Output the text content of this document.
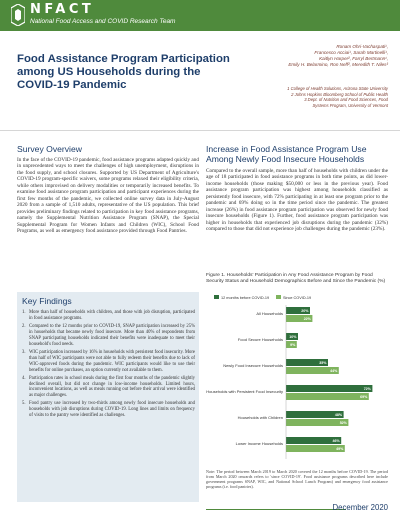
NFACT
National Food Access and COVID Research Team
Food Assistance Program Participation among US Households during the COVID-19 Pandemic
Ronam Ohri-Vachaspati¹,
Francesco Acciai¹, Sarah Martinelli¹,
Kaitlyn Harper², Farryl Bertmann¹,
Emily H. Belarmino, Ron Neff², Meredith T. Niles³
1 College of Health Solutions, Arizona State University
2 Johns Hopkins Bloomberg School of Public Health
3 Dept. of Nutrition and Food Sciences, Food
Systems Program, University of Vermont
Survey Overview
In the face of the COVID-19 pandemic, food assistance programs adapted quickly and in unprecedented ways to meet the challenges of high unemployment, disruptions in the food supply, and school closures. Supported by US Department of Agriculture's COVID-19 program-specific waivers, some programs relaxed their eligibility criteria, while others improvised on delivery modalities or temporarily increased benefits. To examine food assistance program participation and participant experiences during the first few months of the pandemic, we collected online survey data in July-August 2020 from a sample of 1,510 adults, representative of the US population. This brief provides preliminary findings related to participation in key food assistance programs, namely the Supplemental Nutrition Assistance Program (SNAP), the Special Supplemental Program for Women Infants and Children (WIC), School Food Programs, as well as emergency food assistance provided through Food Pantries.
Increase in Food Assistance Program Use Among Newly Food Insecure Households
Compared to the overall sample, more than half of households with children under the age of 18 participated in food assistance programs in both time points, as did lower-income households (those making $50,000 or less in the previous year). Food assistance program participation was highest among households classified as persistently food insecure, with 72% participating in at least one program prior to the pandemic and 69% doing so in the time period since the pandemic. The greatest increase (26%) in food assistance program participation was observed for newly food insecure households (Figure 1). Further, food assistance program participation was higher in households that experienced job disruptions during the pandemic (32%) compared to those that did not experience job challenges during the pandemic (23%).
Key Findings
1. More than half of households with children, and those with job disruption, participated in food assistance programs.
2. Compared to the 12 months prior to COVID-19, SNAP participation increased by 25% in households that became newly food insecure. More than 40% of respondents from SNAP participating households indicated their benefits were inadequate to meet their household's food needs.
3. WIC participation increased by 16% in households with persistent food insecurity. More than half of WIC participants were not able to fully redeem their benefits due to lack of WIC-approved foods during the pandemic. WIC participants would like to use their benefits for online purchases, an option currently not available to them.
4. Participation rates in school meals during the first four months of the pandemic slightly declined overall, but did not change in low-income households. Limited hours, inconvenient locations, as well as meals running out before their arrival were identified as major challenges.
5. Food pantry use increased by two-thirds among newly food insecure households and households with job disruptions during COVID-19. Long lines and limits on frequency of visits to the pantry were identified as challenges.
Figure 1. Households' Participation in Any Food Assistance Program by Food Security Status and Household Demographics Before and Since the Pandemic (%)
12 months before COVID-19	Since COVID-19
All Households	20%
22%
Food Secure Households 10%
9%
Newly Food Insecure Households	35%
44%
Households with Persistent Food Insecurity	72%
69%
Households with Children	48%
52%
Lower Income Households	46%
49%
Note: The period between March 2019 to March 2020 covered the 12 months before COVID-19. The period from March 2020 onwards refers to 'since COVID-19'. Food assistance programs described here include government programs SNAP, WIC, and National School Lunch Program) and emergency food assistance programs (i.e. food pantries).
December 2020
